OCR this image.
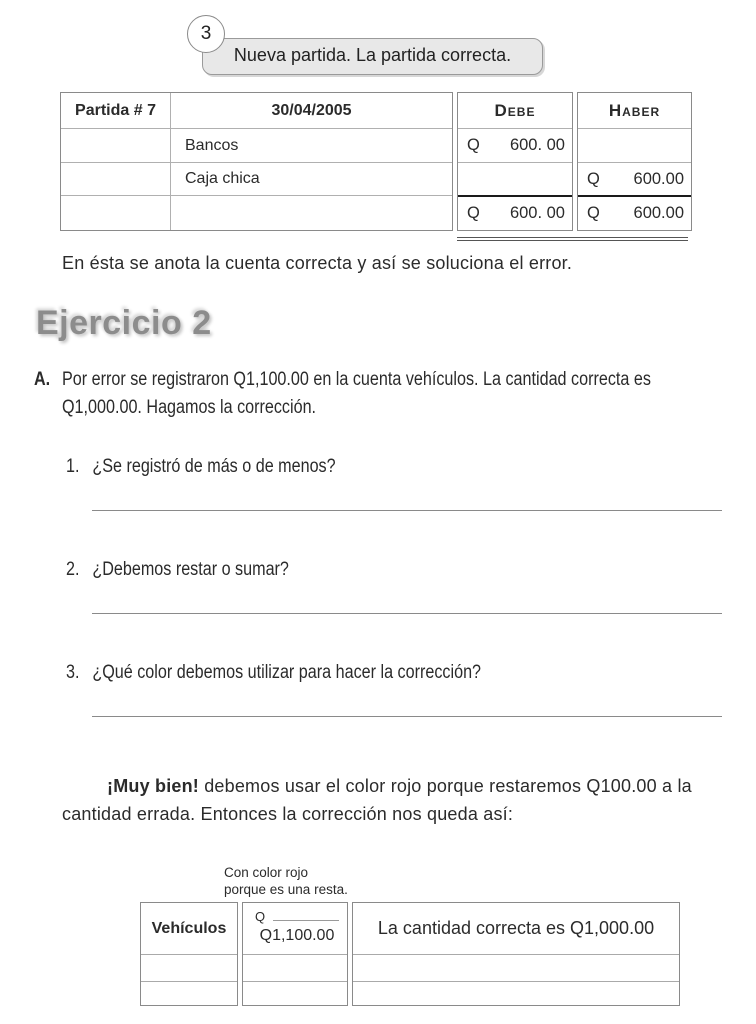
3
Nueva partida. La partida correcta.
Partida # 7	30/04/2005
Bancos
Caja chica
Debe
Q 600. 00
Q 600. 00
Haber
Q 600.00
Q 600.00
En ésta se anota la cuenta correcta y así se soluciona el error.
Ejercicio 2
A. Por error se registraron Q1,100.00 en la cuenta vehículos. La cantidad correcta es
Q1,000.00. Hagamos la corrección.
1. ¿Se registró de más o de menos?
2. ¿Debemos restar o sumar?
3. ¿Qué color debemos utilizar para hacer la corrección?
¡Muy bien! debemos usar el color rojo porque restaremos Q100.00 a la
cantidad errada. Entonces la corrección nos queda así:
Con color rojo
porque es una resta.
Vehículos
Q
Q1,100.00	La cantidad correcta es Q1,000.00
